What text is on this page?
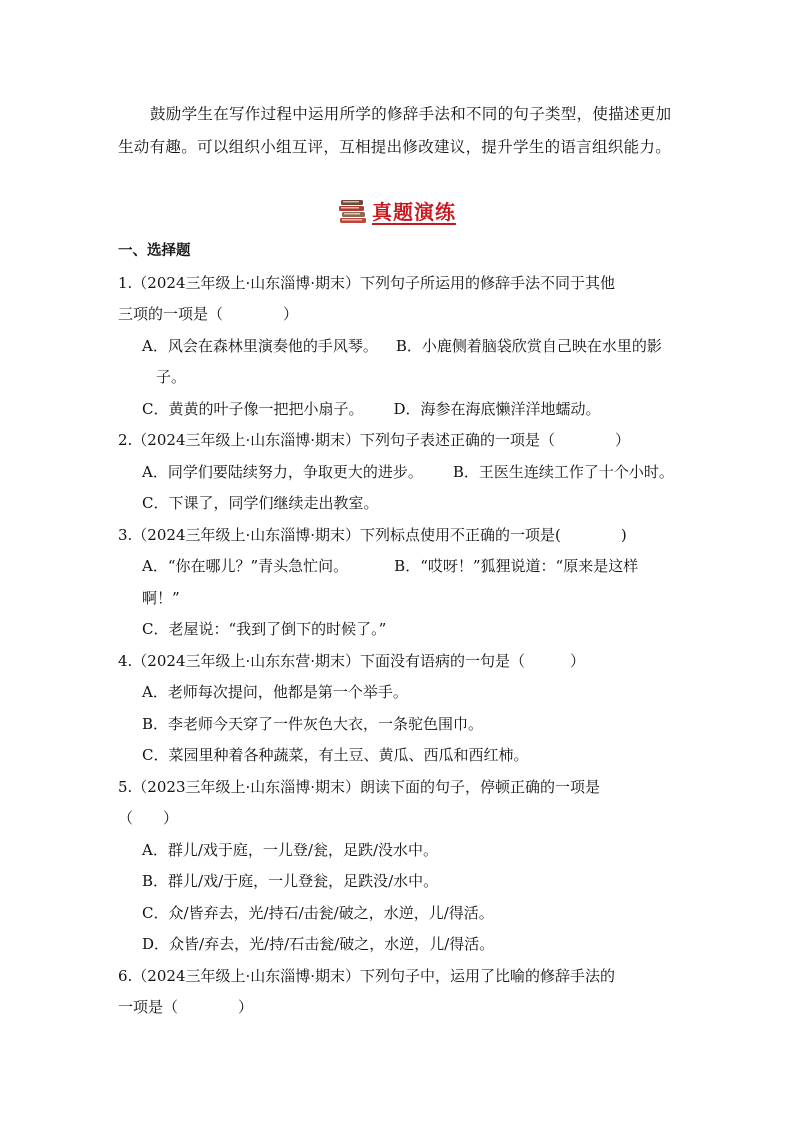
鼓励学生在写作过程中运用所学的修辞手法和不同的句子类型，使描述更加

生动有趣。可以组织小组互评，互相提出修改建议，提升学生的语言组织能力。

真题演练

一、选择题

1.（2024三年级上·山东淄博·期末）下列句子所运用的修辞手法不同于其他

三项的一项是（　　　　）

A．风会在森林里演奏他的手风琴。 B．小鹿侧着脑袋欣赏自己映在水里的影
子。
C．黄黄的叶子像一把把小扇子。 D．海参在海底懒洋洋地蠕动。

2.（2024三年级上·山东淄博·期末）下列句子表述正确的一项是（　　　　）

A．同学们要陆续努力，争取更大的进步。 B．王医生连续工作了十个小时。
C．下课了，同学们继续走出教室。

3.（2024三年级上·山东淄博·期末）下列标点使用不正确的一项是(　　　　)

A．“你在哪儿？”青头急忙问。	B．“哎呀！”狐狸说道：“原来是这样
啊！”
C．老屋说：“我到了倒下的时候了。”

4.（2024三年级上·山东东营·期末）下面没有语病的一句是（　　　）

A．老师每次提问，他都是第一个举手。
B．李老师今天穿了一件灰色大衣，一条驼色围巾。
C．菜园里种着各种蔬菜，有土豆、黄瓜、西瓜和西红柿。

5.（2023三年级上·山东淄博·期末）朗读下面的句子，停顿正确的一项是

（　　）

A．群儿/戏于庭，一儿登/瓮，足跌/没水中。
B．群儿/戏/于庭，一儿登瓮，足跌没/水中。
C．众/皆弃去，光/持石/击瓮/破之，水逆，儿/得活。
D．众皆/弃去，光/持/石击瓮/破之，水逆，儿/得活。

6.（2024三年级上·山东淄博·期末）下列句子中，运用了比喻的修辞手法的

一项是（　　　　）
